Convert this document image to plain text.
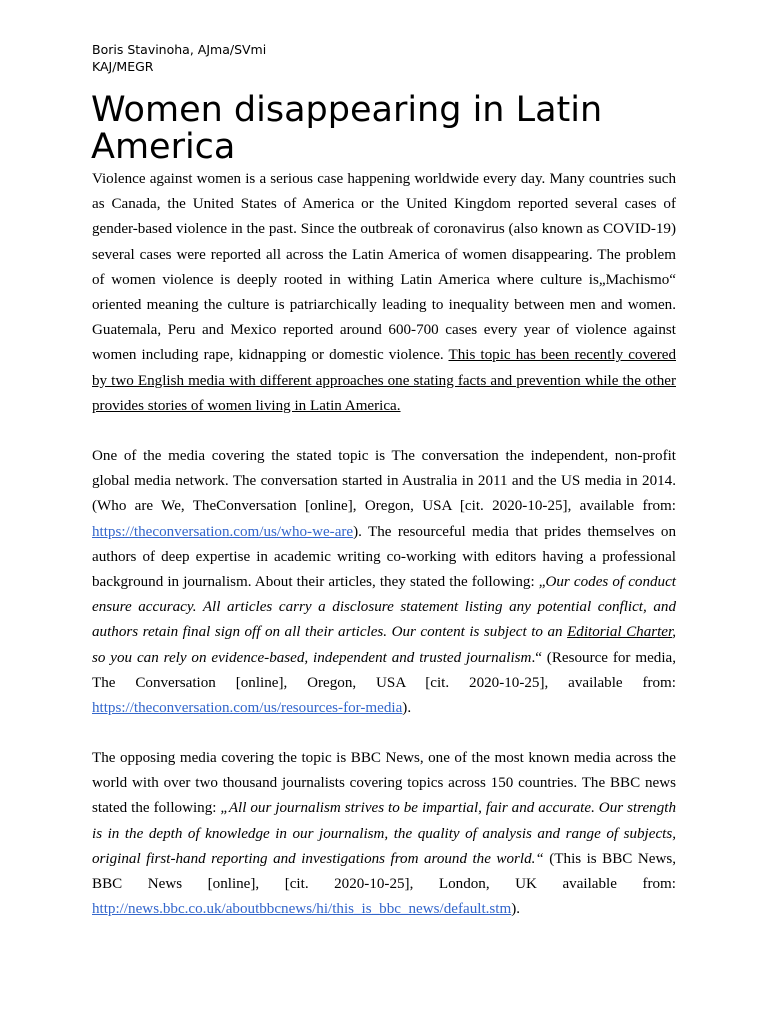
Boris Stavinoha, AJma/SVmi
KAJ/MEGR
Women disappearing in Latin America

Violence against women is a serious case happening worldwide every day. Many countries such as Canada, the United States of America or the United Kingdom reported several cases of gender-based violence in the past. Since the outbreak of coronavirus (also known as COVID-19) several cases were reported all across the Latin America of women disappearing. The problem of women violence is deeply rooted in withing Latin America where culture is„Machismo“ oriented meaning the culture is patriarchically leading to inequality between men and women. Guatemala, Peru and Mexico reported around 600-700 cases every year of violence against women including rape, kidnapping or domestic violence. This topic has been recently covered by two English media with different approaches one stating facts and prevention while the other provides stories of women living in Latin America.

One of the media covering the stated topic is The conversation the independent, non-profit global media network. The conversation started in Australia in 2011 and the US media in 2014. (Who are We, TheConversation [online], Oregon, USA [cit. 2020-10-25], available from: https://theconversation.com/us/who-we-are). The resourceful media that prides themselves on authors of deep expertise in academic writing co-working with editors having a professional background in journalism. About their articles, they stated the following: „Our codes of conduct ensure accuracy. All articles carry a disclosure statement listing any potential conflict, and authors retain final sign off on all their articles. Our content is subject to an Editorial Charter, so you can rely on evidence-based, independent and trusted journalism.“ (Resource for media, The Conversation [online], Oregon, USA [cit. 2020-10-25], available from: https://theconversation.com/us/resources-for-media).

The opposing media covering the topic is BBC News, one of the most known media across the world with over two thousand journalists covering topics across 150 countries. The BBC news stated the following: „All our journalism strives to be impartial, fair and accurate. Our strength is in the depth of knowledge in our journalism, the quality of analysis and range of subjects, original first-hand reporting and investigations from around the world.“ (This is BBC News, BBC News [online], [cit. 2020-10-25], London, UK available from: http://news.bbc.co.uk/aboutbbcnews/hi/this_is_bbc_news/default.stm).
